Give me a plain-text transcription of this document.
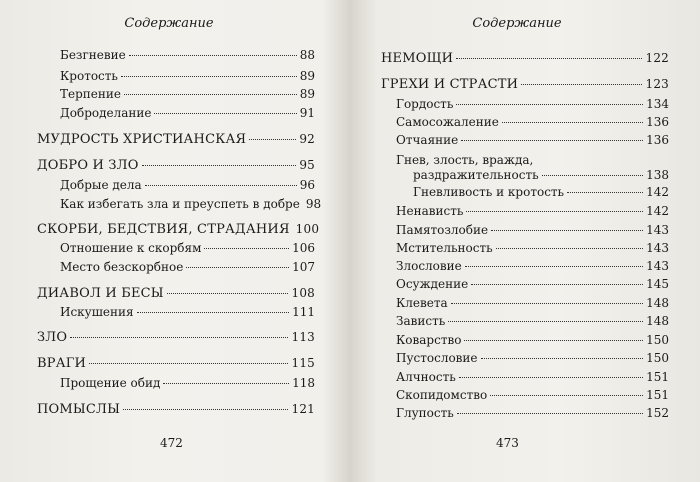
Содержание
Безгневие	88
Кротость	89
Терпение	89
Доброделание	91
МУДРОСТЬ ХРИСТИАНСКАЯ	92
ДОБРО И ЗЛО	95
Добрые дела	96
Как избегать зла и преуспеть в добре 98
СКОРБИ, БЕДСТВИЯ, СТРАДАНИЯ 100
Отношение к скорбям	106
Место безскорбное	107
ДИАВОЛ И БЕСЫ	108
Искушения	111
ЗЛО	113
ВРАГИ	115
Прощение обид	118
ПОМЫСЛЫ	121
472
Содержание
НЕМОЩИ	122
ГРЕХИ И СТРАСТИ	123
Гордость	134
Самосожаление	136
Отчаяние	136
Гнев, злость, вражда,
раздражительность	138
Гневливость и кротость	142
Ненависть	142
Памятозлобие	143
Мстительность	143
Злословие	143
Осуждение	145
Клевета	148
Зависть	148
Коварство	150
Пустословие	150
Алчность	151
Скопидомство	151
Глупость	152
473
